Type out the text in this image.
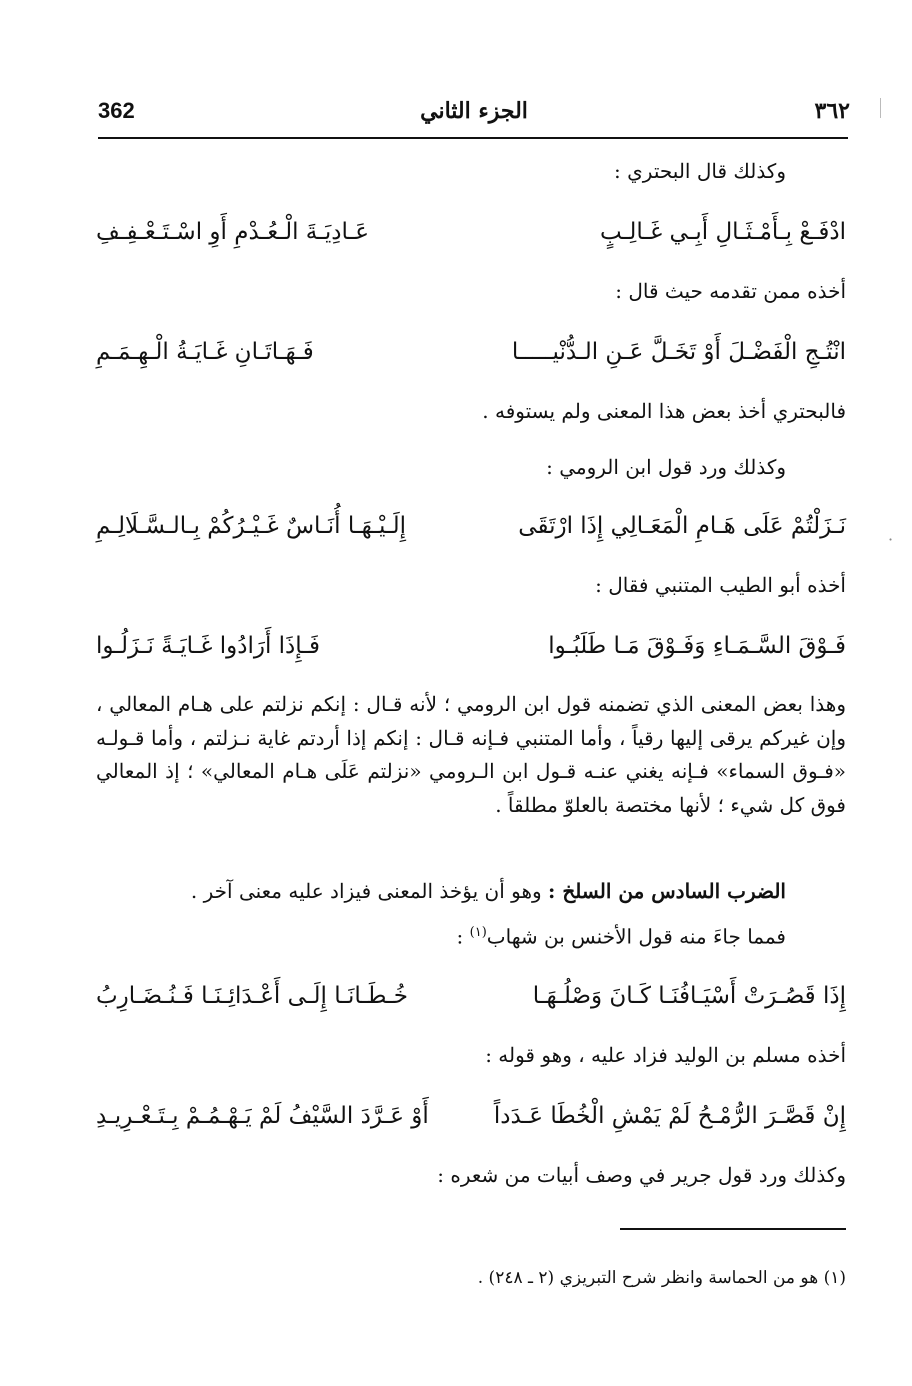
362	الجزء الثاني	٣٦٢
وكذلك قال البحتري :
ادْفَـعْ بِـأَمْـثَـالِ أَبِـي غَـالِـبٍ
عَـادِيَـةَ الْـعُـدْمِ أَوِ اسْـتَـعْـفِـفِ
أخذه ممن تقدمه حيث قال :
انْتُـجِ الْفَضْـلَ أَوْ تَخَـلَّ عَـنِ الـدُّنْيـــــا
فَـهَـاتَـانِ غَـايَـةُ الْـهِـمَـمِ
فالبحتري أخذ بعض هذا المعنى ولم يستوفه .
وكذلك ورد قول ابن الرومي :
نَـزَلْتُمْ عَلَى هَـامِ الْمَعَـالِي إِذَا ارْتَقَى
إِلَـيْـهَـا أُنَـاسٌ غَـيْـرُكُمْ بِـالـسَّـلَالِـمِ
·
أخذه أبو الطيب المتنبي فقال :
فَـوْقَ السَّـمَـاءِ وَفَـوْقَ مَـا طَلَبُـوا
فَـإِذَا أَرَادُوا غَـايَـةً نَـزَلُـوا
وهذا بعض المعنى الذي تضمنه قول ابن الرومي ؛ لأنه قـال : إنكم نزلتم على هـام المعالي ، وإن غيركم يرقى إليها رقياً ، وأما المتنبي فـإنه قـال : إنكم إذا أردتم غاية نـزلتم ، وأما قـولـه «فـوق السماء» فـإنه يغني عنـه قـول ابن الـرومي «نزلتم عَلَى هـام المعالي» ؛ إذ المعالي فوق كل شيء ؛ لأنها مختصة بالعلوّ مطلقاً .
الضرب السادس من السلخ : وهو أن يؤخذ المعنى فيزاد عليه معنى آخر .
فمما جاءَ منه قول الأخنس بن شهاب$^{(١)}$ :
إِذَا قَصُـرَتْ أَسْيَـافُنَـا كَـانَ وَصْلُـهَـا
خُـطَـانَـا إِلَـى أَعْـدَائِـنَـا فَـنُـضَـارِبُ
أخذه مسلم بن الوليد فزاد عليه ، وهو قوله :
إِنْ قَصَّـرَ الرُّمْـحُ لَمْ يَمْشِ الْخُطَا عَـدَداً
أَوْ عَـرَّدَ السَّيْفُ لَمْ يَـهْـمُـمْ بِـتَـعْـرِيـدِ
وكذلك ورد قول جرير في وصف أبيات من شعره :
(١) هو من الحماسة وانظر شرح التبريزي (٢ ـ ٢٤٨) .
